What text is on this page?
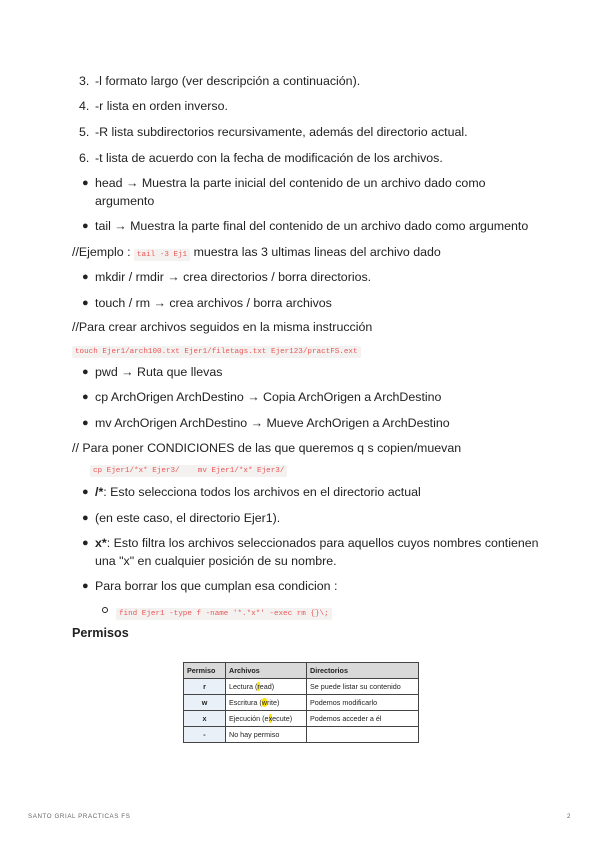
3. -l formato largo (ver descripción a continuación).
4. -r lista en orden inverso.
5. -R lista subdirectorios recursivamente, además del directorio actual.
6. -t lista de acuerdo con la fecha de modificación de los archivos.
● head → Muestra la parte inicial del contenido de un archivo dado como
argumento
● tail → Muestra la parte final del contenido de un archivo dado como argumento
//Ejemplo : tail -3 Ej1 muestra las 3 ultimas lineas del archivo dado
● mkdir / rmdir → crea directorios / borra directorios.
● touch / rm → crea archivos / borra archivos
//Para crear archivos seguidos en la misma instrucción
touch Ejer1/arch100.txt Ejer1/filetags.txt Ejer123/practFS.ext
● pwd → Ruta que llevas
● cp ArchOrigen ArchDestino → Copia ArchOrigen a ArchDestino
● mv ArchOrigen ArchDestino → Mueve ArchOrigen a ArchDestino
// Para poner CONDICIONES de las que queremos q s copien/muevan
cp Ejer1/*x* Ejer3/    mv Ejer1/*x* Ejer3/
● /*: Esto selecciona todos los archivos en el directorio actual
● (en este caso, el directorio Ejer1).
● x*: Esto filtra los archivos seleccionados para aquellos cuyos nombres contienen
una "x" en cualquier posición de su nombre.
● Para borrar los que cumplan esa condicion :
find Ejer1 -type f -name '*.*x*' -exec rm {}\;
Permisos
Permiso	Archivos	Directorios
r	Lectura (read)	Se puede listar su contenido
w	Escritura (write)	Podemos modificarlo
x	Ejecución (execute)	Podemos acceder a él
-	No hay permiso	
SANTO GRIAL PRACTICAS FS	2
